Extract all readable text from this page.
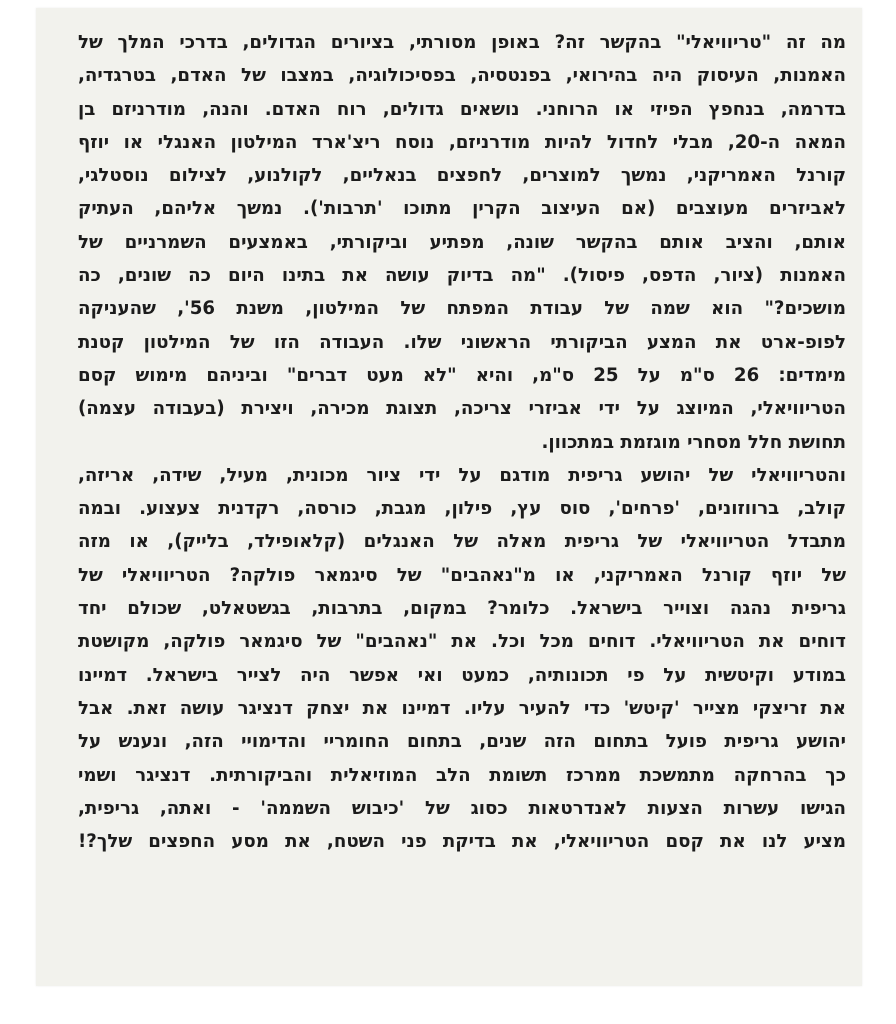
מה זה "טריוויאלי" בהקשר זה? באופן מסורתי, בציורים הגדולים, בדרכי המלך של
האמנות, העיסוק היה בהירואי, בפנטסיה, בפסיכולוגיה, במצבו של האדם, בטרגדיה,
בדרמה, בנחפץ הפיזי או הרוחני. נושאים גדולים, רוח האדם. והנה, מודרניזם בן
המאה ה-20, מבלי לחדול להיות מודרניזם, נוסח ריצ'ארד המילטון האנגלי או יוזף
קורנל האמריקני, נמשך למוצרים, לחפצים בנאליים, לקולנוע, לצילום נוסטלגי,
לאביזרים מעוצבים (אם העיצוב הקרין מתוכו 'תרבות'). נמשך אליהם, העתיק
אותם, והציב אותם בהקשר שונה, מפתיע וביקורתי, באמצעים השמרניים של
האמנות (ציור, הדפס, פיסול). "מה בדיוק עושה את בתינו היום כה שונים, כה
מושכים?" הוא שמה של עבודת המפתח של המילטון, משנת 56', שהעניקה
לפופ-ארט את המצע הביקורתי הראשוני שלו. העבודה הזו של המילטון קטנת
מימדים: 26 ס"מ על 25 ס"מ, והיא "לא מעט דברים" וביניהם מימוש קסם
הטריוויאלי, המיוצג על ידי אביזרי צריכה, תצוגת מכירה, ויצירת (בעבודה עצמה)
תחושת חלל מסחרי מוגזמת במתכוון.
והטריוויאלי של יהושע גריפית מודגם על ידי ציור מכונית, מעיל, שידה, אריזה,
קולב, ברווזונים, 'פרחים', סוס עץ, פילון, מגבת, כורסה, רקדנית צעצוע. ובמה
מתבדל הטריוויאלי של גריפית מאלה של האנגלים (קלאופילד, בלייק), או מזה
של יוזף קורנל האמריקני, או מ"נאהבים" של סיגמאר פולקה? הטריוויאלי של
גריפית נהגה וצוייר בישראל. כלומר? במקום, בתרבות, בגשטאלט, שכולם יחד
דוחים את הטריוויאלי. דוחים מכל וכל. את "נאהבים" של סיגמאר פולקה, מקושטת
במודע וקיטשית על פי תכונותיה, כמעט ואי אפשר היה לצייר בישראל. דמיינו
את זריצקי מצייר 'קיטש' כדי להעיר עליו. דמיינו את יצחק דנציגר עושה זאת. אבל
יהושע גריפית פועל בתחום הזה שנים, בתחום החומריי והדימויי הזה, ונענש על
כך בהרחקה מתמשכת ממרכז תשומת הלב המוזיאלית והביקורתית. דנציגר ושמי
הגישו עשרות הצעות לאנדרטאות כסוג של 'כיבוש השממה' - ואתה, גריפית,
מציע לנו את קסם הטריוויאלי, את בדיקת פני השטח, את מסע החפצים שלך?!
